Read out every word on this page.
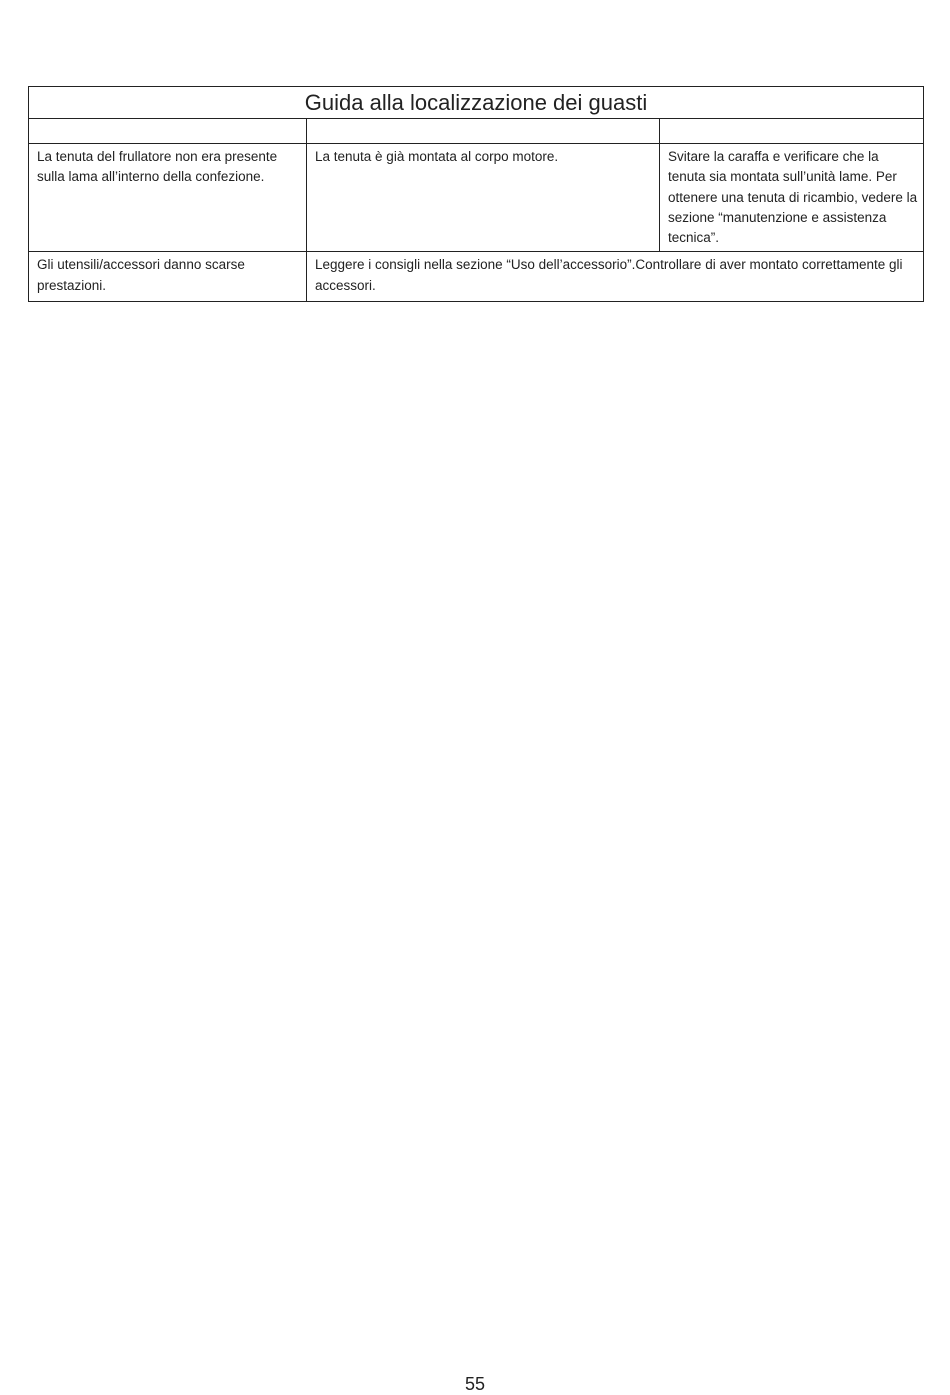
Guida alla localizzazione dei guasti		

La tenuta del frullatore non era presente sulla lama all’interno della confezione.	La tenuta è già montata al corpo motore.	Svitare la caraffa e verificare che la tenuta sia montata sull’unità lame. Per ottenere una tenuta di ricambio, vedere la sezione “manutenzione e assistenza tecnica”.
Gli utensili/accessori danno scarse prestazioni.	Leggere i consigli nella sezione “Uso dell’accessorio”.Controllare di aver montato correttamente gli accessori.	
55
